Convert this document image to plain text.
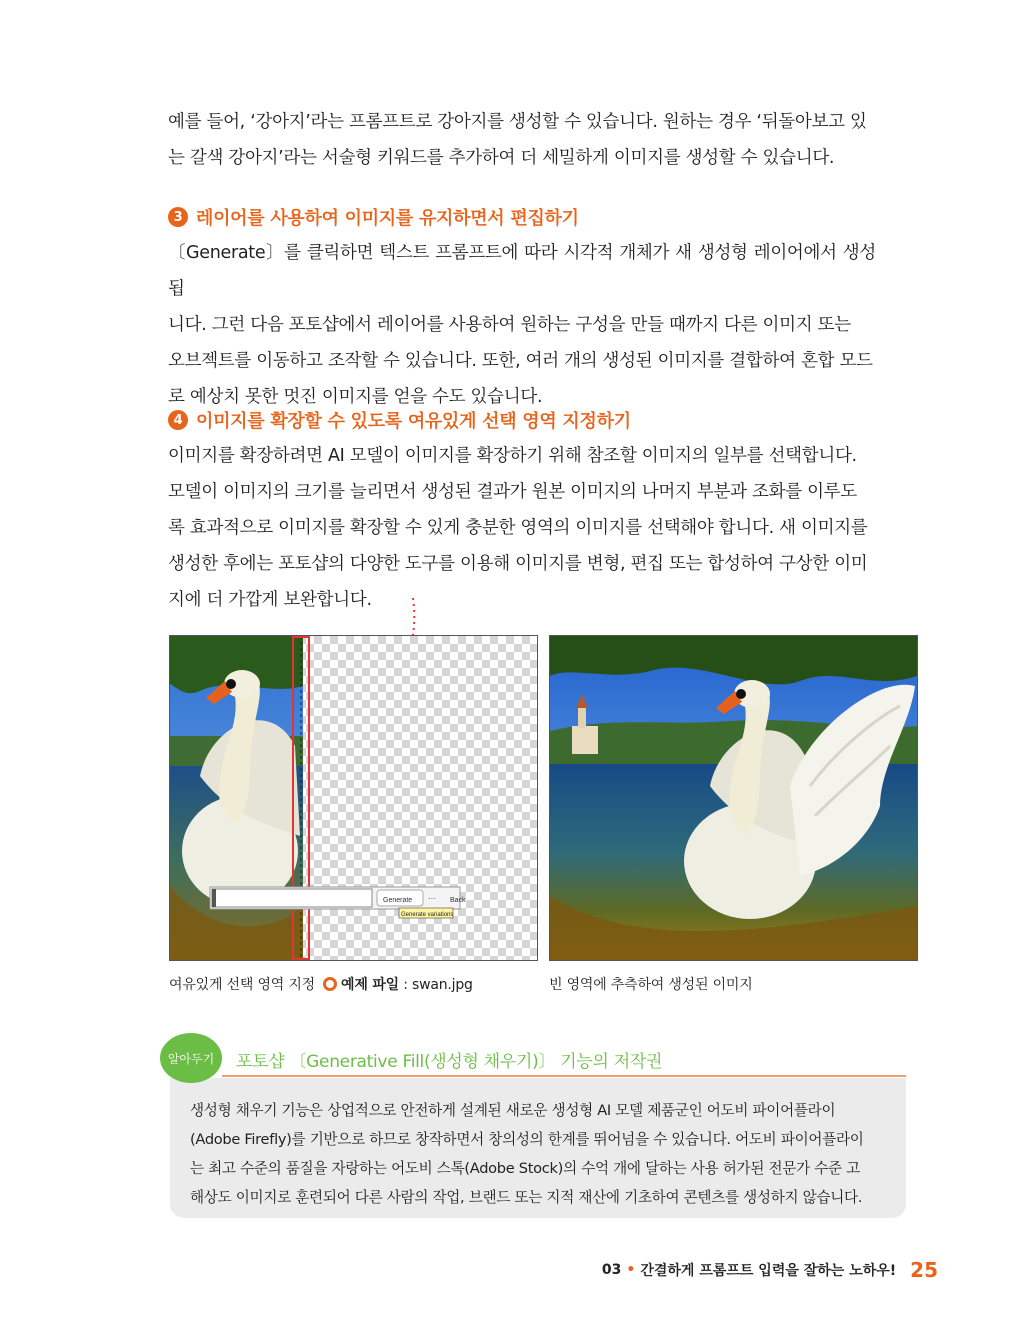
예를 들어, ‘강아지’라는 프롬프트로 강아지를 생성할 수 있습니다. 원하는 경우 ‘뒤돌아보고 있

는 갈색 강아지’라는 서술형 키워드를 추가하여 더 세밀하게 이미지를 생성할 수 있습니다.

3 레이어를 사용하여 이미지를 유지하면서 편집하기

〔Generate〕를 클릭하면 텍스트 프롬프트에 따라 시각적 개체가 새 생성형 레이어에서 생성됩

니다. 그런 다음 포토샵에서 레이어를 사용하여 원하는 구성을 만들 때까지 다른 이미지 또는

오브젝트를 이동하고 조작할 수 있습니다. 또한, 여러 개의 생성된 이미지를 결합하여 혼합 모드

로 예상치 못한 멋진 이미지를 얻을 수도 있습니다.

4 이미지를 확장할 수 있도록 여유있게 선택 영역 지정하기

이미지를 확장하려면 AI 모델이 이미지를 확장하기 위해 참조할 이미지의 일부를 선택합니다.

모델이 이미지의 크기를 늘리면서 생성된 결과가 원본 이미지의 나머지 부분과 조화를 이루도

록 효과적으로 이미지를 확장할 수 있게 충분한 영역의 이미지를 선택해야 합니다. 새 이미지를

생성한 후에는 포토샵의 다양한 도구를 이용해 이미지를 변형, 편집 또는 합성하여 구상한 이미

지에 더 가깝게 보완합니다.

Generate ··· Back
Generate variations
여유있게 선택 영역 지정 예제 파일 : swan.jpg	빈 영역에 추측하여 생성된 이미지
알아두기	포토샵 〔Generative Fill(생성형 채우기)〕 기능의 저작권

생성형 채우기 기능은 상업적으로 안전하게 설계된 새로운 생성형 AI 모델 제품군인 어도비 파이어플라이

(Adobe Firefly)를 기반으로 하므로 창작하면서 창의성의 한계를 뛰어넘을 수 있습니다. 어도비 파이어플라이

는 최고 수준의 품질을 자랑하는 어도비 스톡(Adobe Stock)의 수억 개에 달하는 사용 허가된 전문가 수준 고

해상도 이미지로 훈련되어 다른 사람의 작업, 브랜드 또는 지적 재산에 기초하여 콘텐츠를 생성하지 않습니다.

03 • 간결하게 프롬프트 입력을 잘하는 노하우! 25
